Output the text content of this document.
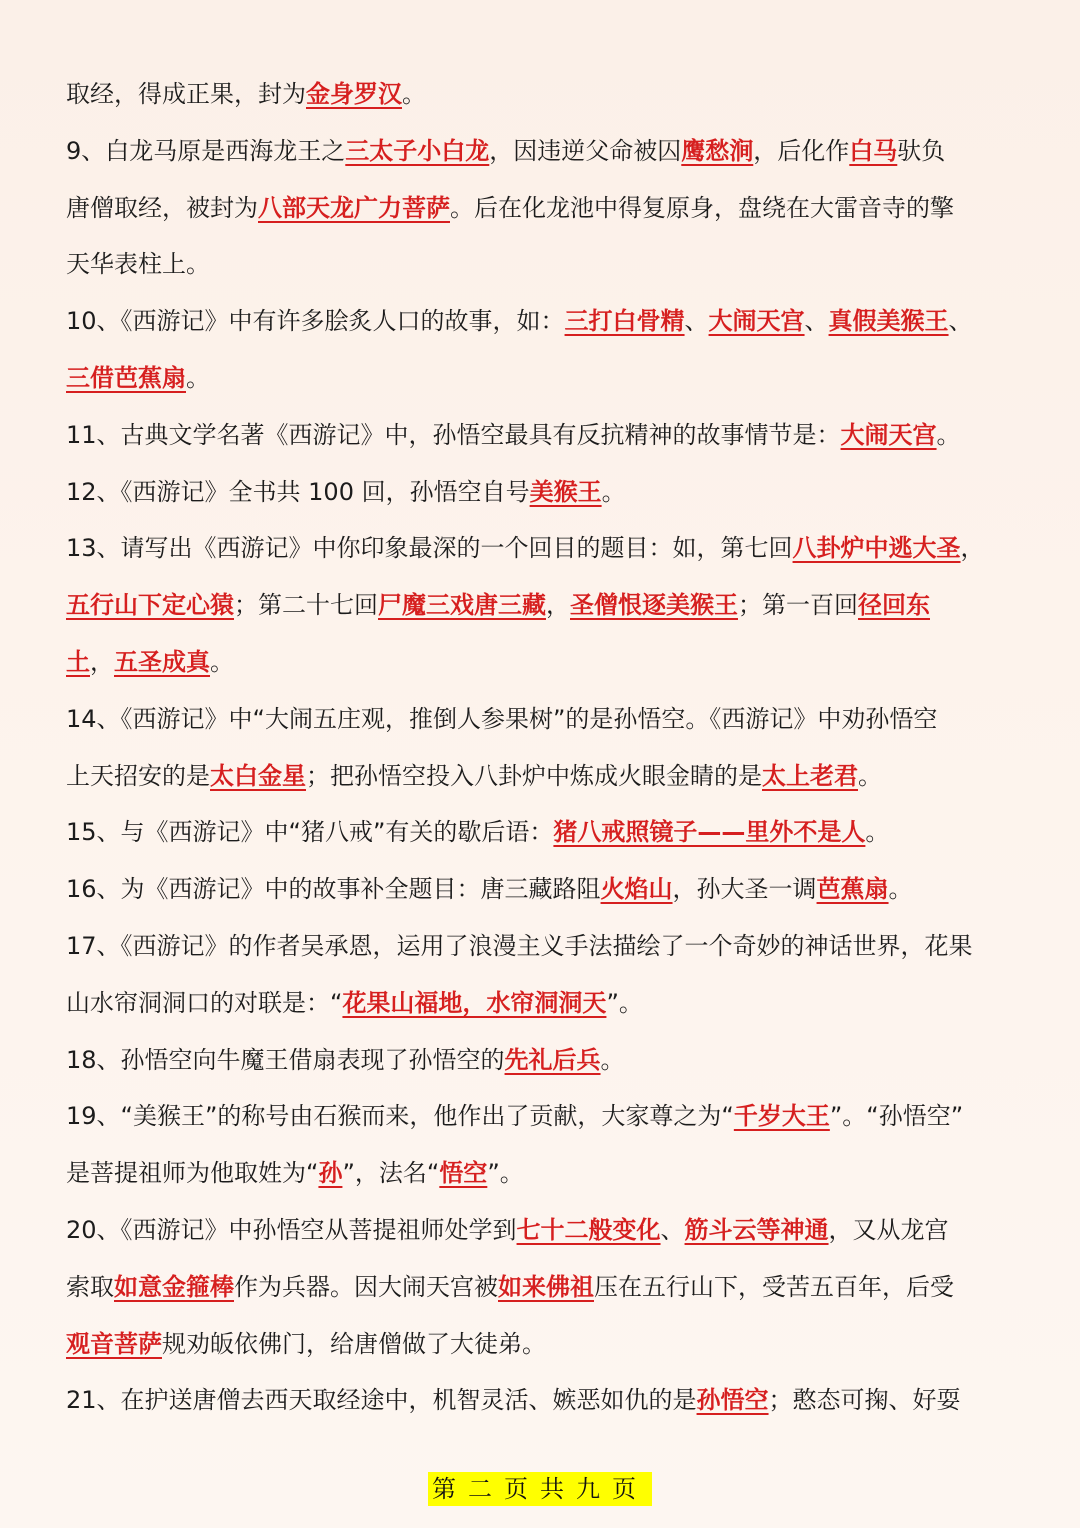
取经，得成正果，封为金身罗汉。
9、白龙马原是西海龙王之三太子小白龙，因违逆父命被囚鹰愁涧，后化作白马驮负
唐僧取经，被封为八部天龙广力菩萨。后在化龙池中得复原身，盘绕在大雷音寺的擎
天华表柱上。
10、《西游记》中有许多脍炙人口的故事，如：三打白骨精、大闹天宫、真假美猴王、
三借芭蕉扇。
11、古典文学名著《西游记》中，孙悟空最具有反抗精神的故事情节是：大闹天宫。
12、《西游记》全书共 100 回，孙悟空自号美猴王。
13、请写出《西游记》中你印象最深的一个回目的题目：如，第七回八卦炉中逃大圣，
五行山下定心猿；第二十七回尸魔三戏唐三藏，圣僧恨逐美猴王；第一百回径回东
土，五圣成真。
14、《西游记》中“大闹五庄观，推倒人参果树”的是孙悟空。《西游记》中劝孙悟空
上天招安的是太白金星；把孙悟空投入八卦炉中炼成火眼金睛的是太上老君。
15、与《西游记》中“猪八戒”有关的歇后语：猪八戒照镜子——里外不是人。
16、为《西游记》中的故事补全题目：唐三藏路阻火焰山，孙大圣一调芭蕉扇。
17、《西游记》的作者吴承恩，运用了浪漫主义手法描绘了一个奇妙的神话世界，花果
山水帘洞洞口的对联是：“花果山福地，水帘洞洞天”。
18、孙悟空向牛魔王借扇表现了孙悟空的先礼后兵。
19、“美猴王”的称号由石猴而来，他作出了贡献，大家尊之为“千岁大王”。“孙悟空”
是菩提祖师为他取姓为“孙”，法名“悟空”。
20、《西游记》中孙悟空从菩提祖师处学到七十二般变化、筋斗云等神通，又从龙宫
索取如意金箍棒作为兵器。因大闹天宫被如来佛祖压在五行山下，受苦五百年，后受
观音菩萨规劝皈依佛门，给唐僧做了大徒弟。
21、在护送唐僧去西天取经途中，机智灵活、嫉恶如仇的是孙悟空；憨态可掬、好耍
第二页共九页
